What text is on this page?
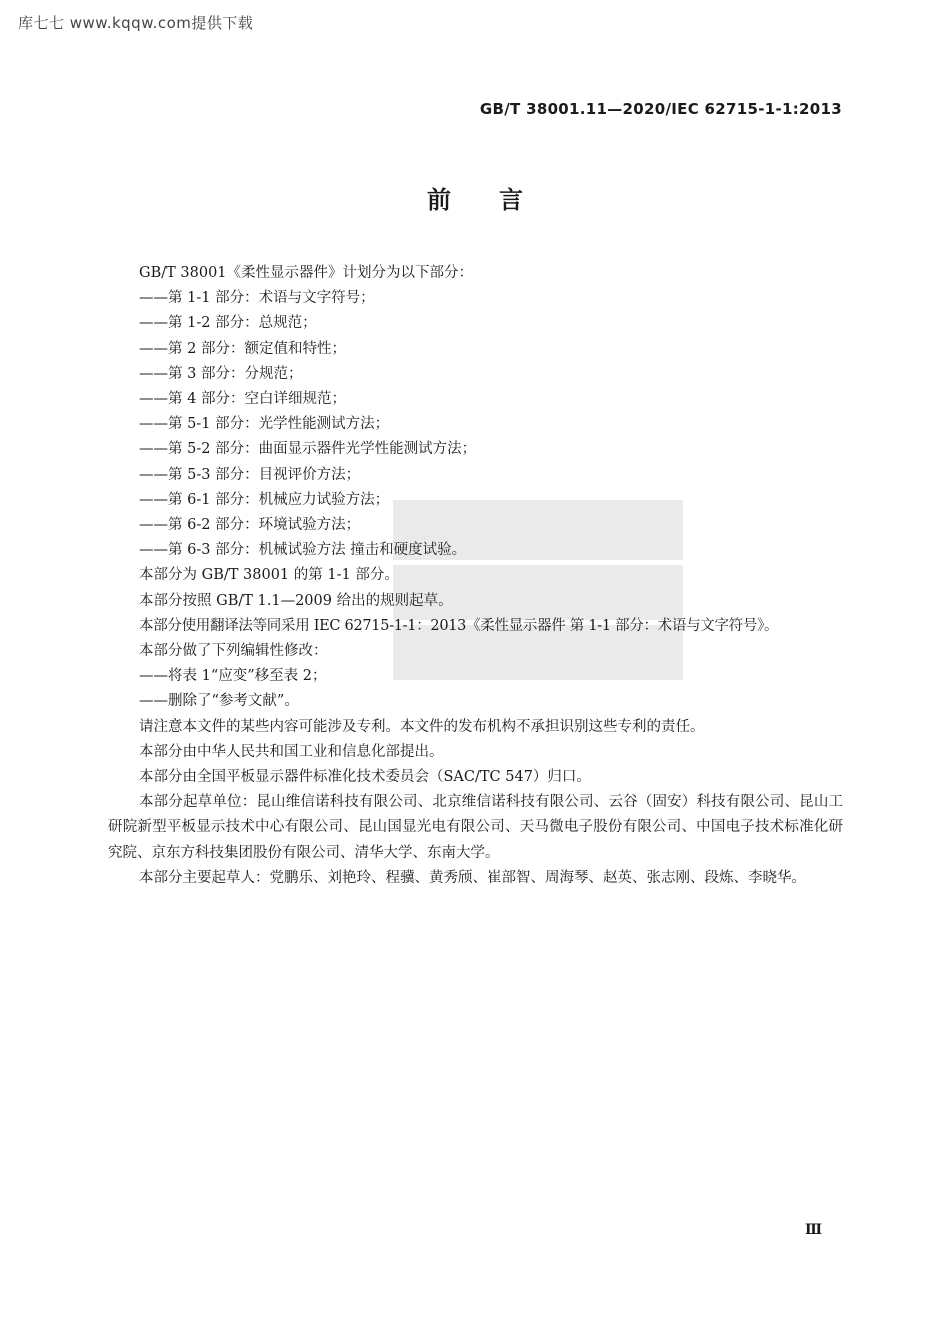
库七七 www.kqqw.com提供下载
GB/T 38001.11—2020/IEC 62715-1-1:2013
前言

GB/T 38001《柔性显示器件》计划分为以下部分：

——第 1-1 部分：术语与文字符号；

——第 1-2 部分：总规范；

——第 2 部分：额定值和特性；

——第 3 部分：分规范；

——第 4 部分：空白详细规范；

——第 5-1 部分：光学性能测试方法；

——第 5-2 部分：曲面显示器件光学性能测试方法；

——第 5-3 部分：目视评价方法；

——第 6-1 部分：机械应力试验方法；

——第 6-2 部分：环境试验方法；

——第 6-3 部分：机械试验方法 撞击和硬度试验。

本部分为 GB/T 38001 的第 1-1 部分。

本部分按照 GB/T 1.1—2009 给出的规则起草。

本部分使用翻译法等同采用 IEC 62715-1-1：2013《柔性显示器件 第 1-1 部分：术语与文字符号》。

本部分做了下列编辑性修改：

——将表 1“应变”移至表 2；

——删除了“参考文献”。

请注意本文件的某些内容可能涉及专利。本文件的发布机构不承担识别这些专利的责任。

本部分由中华人民共和国工业和信息化部提出。

本部分由全国平板显示器件标准化技术委员会（SAC/TC 547）归口。

本部分起草单位：昆山维信诺科技有限公司、北京维信诺科技有限公司、云谷（固安）科技有限公司、昆山工研院新型平板显示技术中心有限公司、昆山国显光电有限公司、天马微电子股份有限公司、中国电子技术标准化研究院、京东方科技集团股份有限公司、清华大学、东南大学。

本部分主要起草人：党鹏乐、刘艳玲、程骥、黄秀颀、崔部智、周海琴、赵英、张志刚、段炼、李晓华。

Ⅲ
